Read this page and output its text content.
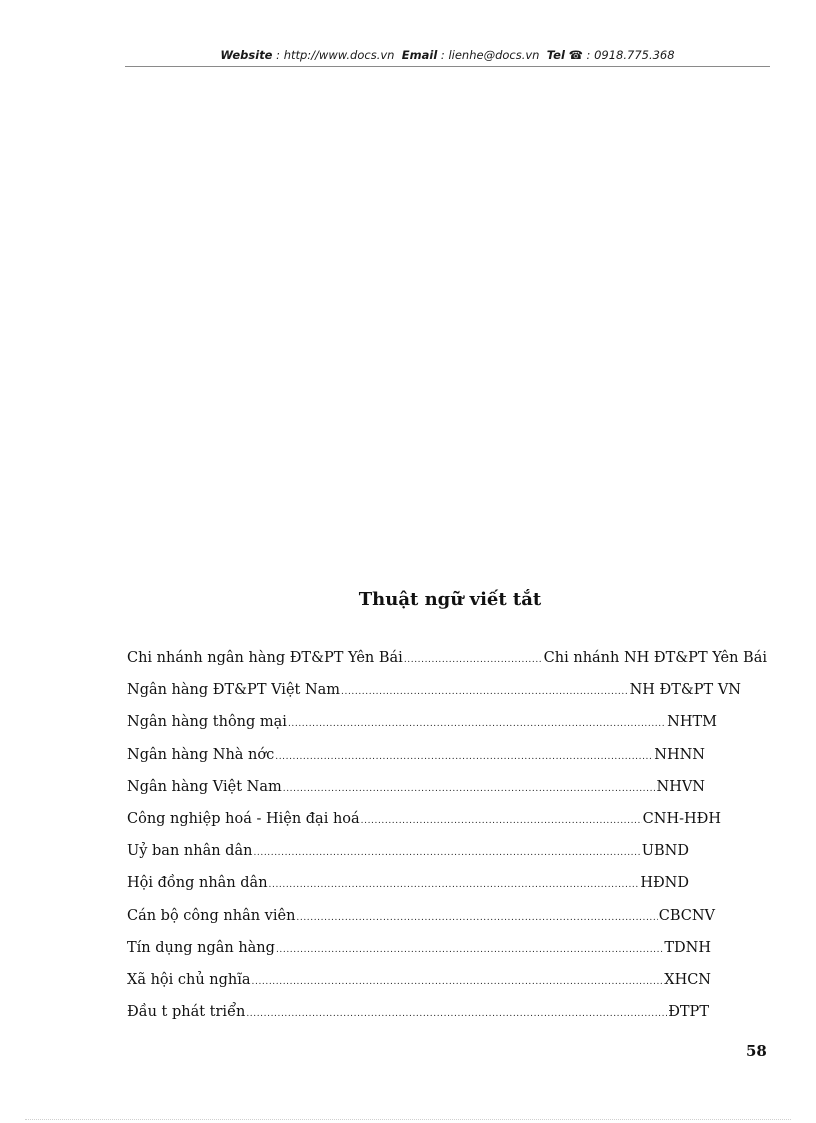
Website : http://www.docs.vn Email : lienhe@docs.vn Tel ☎ : 0918.775.368
Thuật ngữ viết tắt
Chi nhánh ngân hàng ĐT&PT Yên Bái .....	Chi nhánh NH ĐT&PT Yên Bái
Ngân hàng ĐT&PT Việt Nam .....	NH ĐT&PT VN
Ngân hàng thông mại .....	NHTM
Ngân hàng Nhà nớc .....	NHNN
Ngân hàng Việt Nam .....	NHVN
Công nghiệp hoá - Hiện đại hoá .....	CNH-HĐH
Uỷ ban nhân dân .....	UBND
Hội đồng nhân dân .....	HĐND
Cán bộ công nhân viên .....	CBCNV
Tín dụng ngân hàng .....	TDNH
Xã hội chủ nghĩa .....	XHCN
Đầu t phát triển .....	ĐTPT
58
